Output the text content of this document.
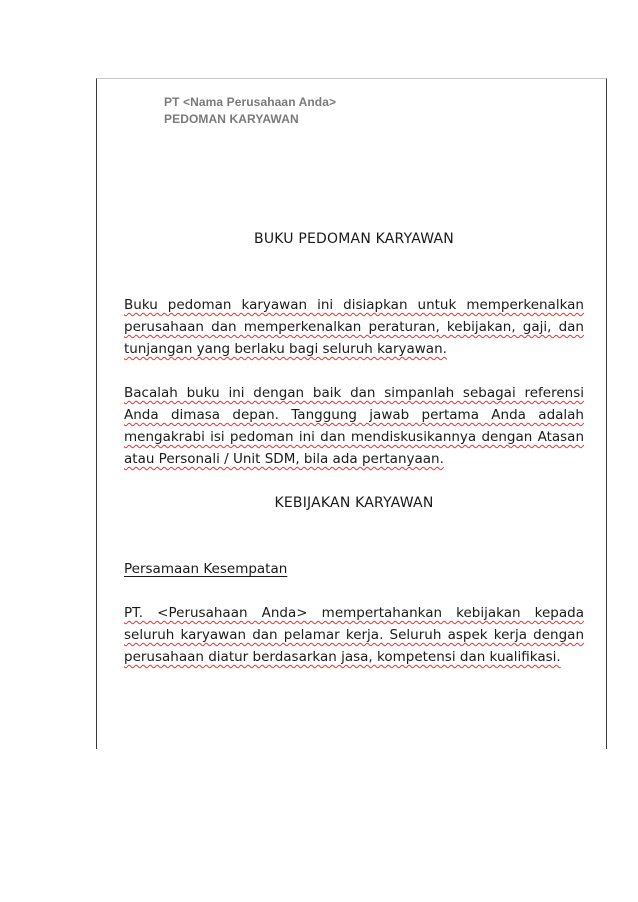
PT <Nama Perusahaan Anda>
PEDOMAN KARYAWAN
BUKU PEDOMAN KARYAWAN

Buku pedoman karyawan ini disiapkan untuk memperkenalkan perusahaan dan memperkenalkan peraturan, kebijakan, gaji, dan tunjangan yang berlaku bagi seluruh karyawan.

Bacalah buku ini dengan baik dan simpanlah sebagai referensi Anda dimasa depan. Tanggung jawab pertama Anda adalah mengakrabi isi pedoman ini dan mendiskusikannya dengan Atasan atau Personali / Unit SDM, bila ada pertanyaan.

KEBIJAKAN KARYAWAN
Persamaan Kesempatan

PT. <Perusahaan Anda> mempertahankan kebijakan kepada seluruh karyawan dan pelamar kerja. Seluruh aspek kerja dengan perusahaan diatur berdasarkan jasa, kompetensi dan kualifikasi.
